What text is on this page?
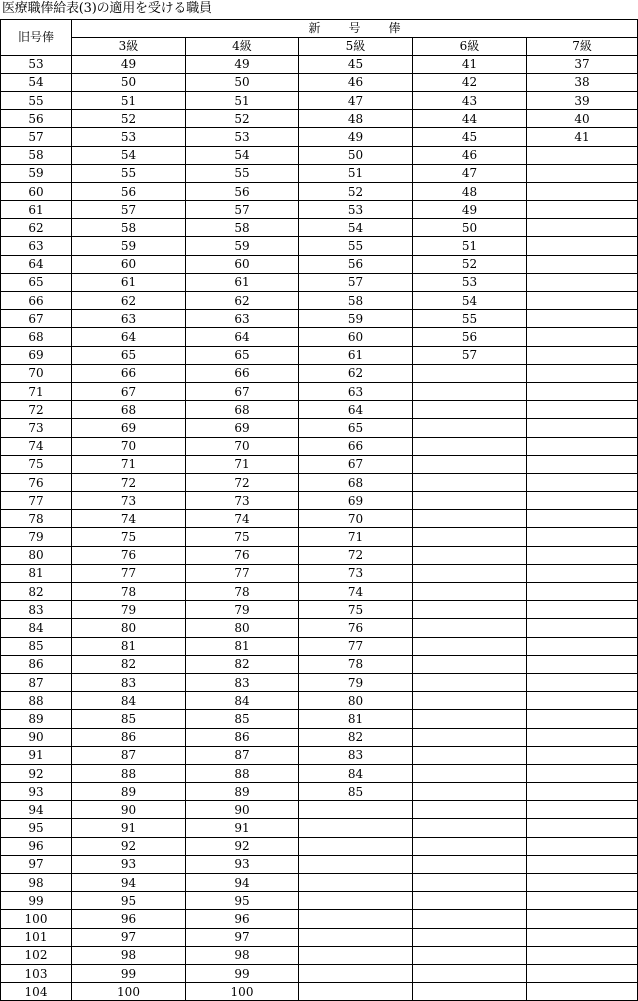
医療職俸給表(3)の適用を受ける職員
旧号俸	新号俸				
	3級	4級	5級	6級	7級
53	49	49	45	41	37
54	50	50	46	42	38
55	51	51	47	43	39
56	52	52	48	44	40
57	53	53	49	45	41
58	54	54	50	46	
59	55	55	51	47	
60	56	56	52	48	
61	57	57	53	49	
62	58	58	54	50	
63	59	59	55	51	
64	60	60	56	52	
65	61	61	57	53	
66	62	62	58	54	
67	63	63	59	55	
68	64	64	60	56	
69	65	65	61	57	
70	66	66	62		
71	67	67	63		
72	68	68	64		
73	69	69	65		
74	70	70	66		
75	71	71	67		
76	72	72	68		
77	73	73	69		
78	74	74	70		
79	75	75	71		
80	76	76	72		
81	77	77	73		
82	78	78	74		
83	79	79	75		
84	80	80	76		
85	81	81	77		
86	82	82	78		
87	83	83	79		
88	84	84	80		
89	85	85	81		
90	86	86	82		
91	87	87	83		
92	88	88	84		
93	89	89	85		
94	90	90			
95	91	91			
96	92	92			
97	93	93			
98	94	94			
99	95	95			
100	96	96			
101	97	97			
102	98	98			
103	99	99			
104	100	100			
